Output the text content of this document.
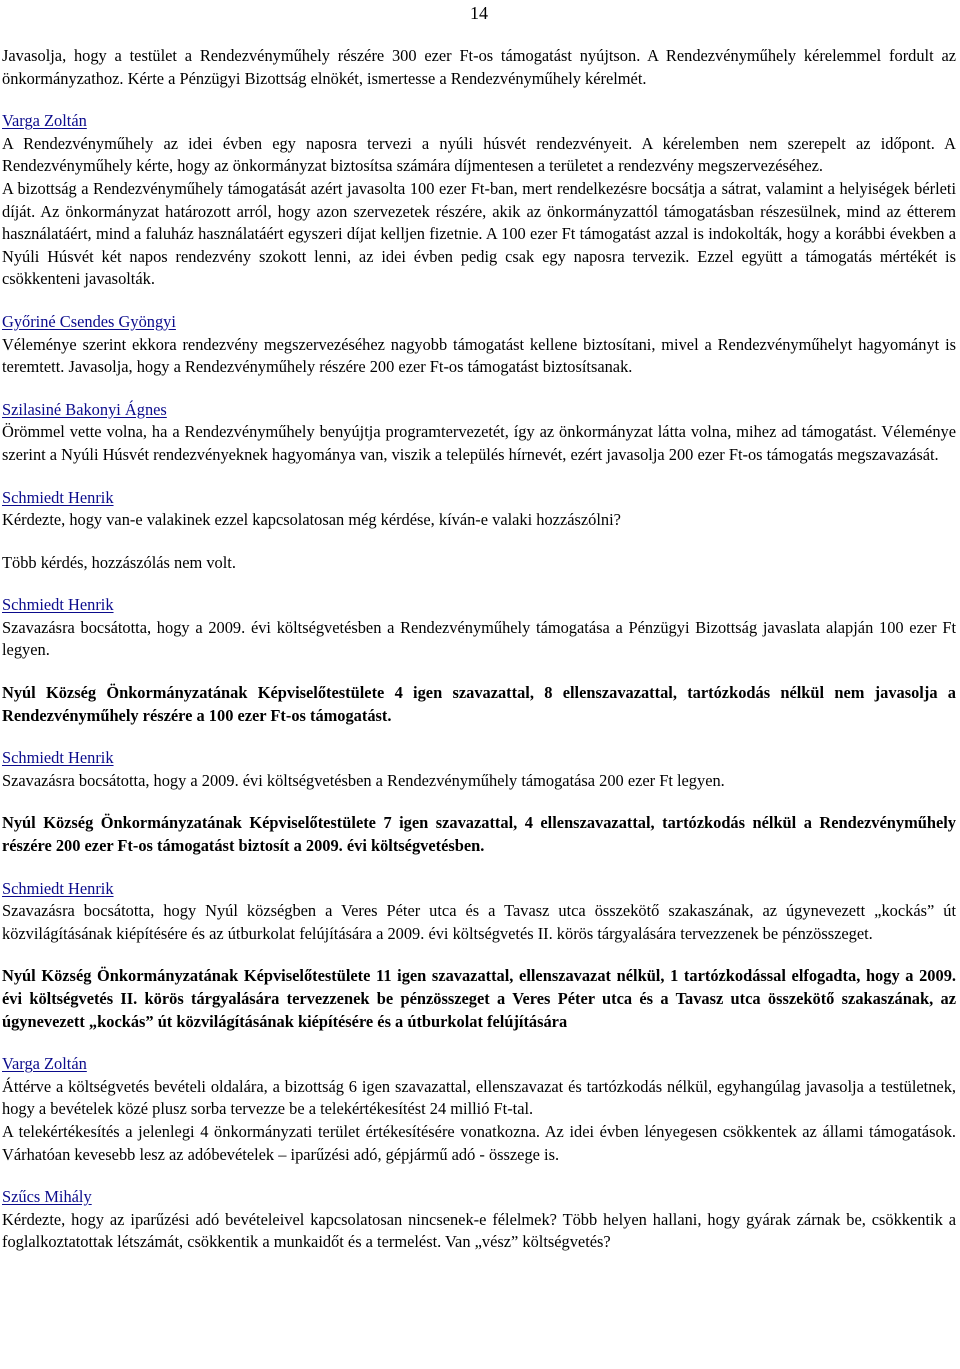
14

Javasolja, hogy a testület a Rendezvényműhely részére 300 ezer Ft-os támogatást nyújtson. A Rendezvényműhely kérelemmel fordult az önkormányzathoz. Kérte a Pénzügyi Bizottság elnökét, ismertesse a Rendezvényműhely kérelmét.

Varga Zoltán

A Rendezvényműhely az idei évben egy naposra tervezi a nyúli húsvét rendezvényeit. A kérelemben nem szerepelt az időpont. A Rendezvényműhely kérte, hogy az önkormányzat biztosítsa számára díjmentesen a területet a rendezvény megszervezéséhez.

A bizottság a Rendezvényműhely támogatását azért javasolta 100 ezer Ft-ban, mert rendelkezésre bocsátja a sátrat, valamint a helyiségek bérleti díját. Az önkormányzat határozott arról, hogy azon szervezetek részére, akik az önkormányzattól támogatásban részesülnek, mind az étterem használatáért, mind a faluház használatáért egyszeri díjat kelljen fizetnie. A 100 ezer Ft támogatást azzal is indokolták, hogy a korábbi években a Nyúli Húsvét két napos rendezvény szokott lenni, az idei évben pedig csak egy naposra tervezik. Ezzel együtt a támogatás mértékét is csökkenteni javasolták.

Győriné Csendes Gyöngyi

Véleménye szerint ekkora rendezvény megszervezéséhez nagyobb támogatást kellene biztosítani, mivel a Rendezvényműhelyt hagyományt is teremtett. Javasolja, hogy a Rendezvényműhely részére 200 ezer Ft-os támogatást biztosítsanak.

Szilasiné Bakonyi Ágnes

Örömmel vette volna, ha a Rendezvényműhely benyújtja programtervezetét, így az önkormányzat látta volna, mihez ad támogatást. Véleménye szerint a Nyúli Húsvét rendezvényeknek hagyománya van, viszik a település hírnevét, ezért javasolja 200 ezer Ft-os támogatás megszavazását.

Schmiedt Henrik

Kérdezte, hogy van-e valakinek ezzel kapcsolatosan még kérdése, kíván-e valaki hozzászólni?

Több kérdés, hozzászólás nem volt.

Schmiedt Henrik

Szavazásra bocsátotta, hogy a 2009. évi költségvetésben a Rendezvényműhely támogatása a Pénzügyi Bizottság javaslata alapján 100 ezer Ft legyen.

Nyúl Község Önkormányzatának Képviselőtestülete 4 igen szavazattal, 8 ellenszavazattal, tartózkodás nélkül nem javasolja a Rendezvényműhely részére a 100 ezer Ft-os támogatást.

Schmiedt Henrik

Szavazásra bocsátotta, hogy a 2009. évi költségvetésben a Rendezvényműhely támogatása 200 ezer Ft legyen.

Nyúl Község Önkormányzatának Képviselőtestülete 7 igen szavazattal, 4 ellenszavazattal, tartózkodás nélkül a Rendezvényműhely részére 200 ezer Ft-os támogatást biztosít a 2009. évi költségvetésben.

Schmiedt Henrik

Szavazásra bocsátotta, hogy Nyúl községben a Veres Péter utca és a Tavasz utca összekötő szakaszának, az úgynevezett „kockás” út közvilágításának kiépítésére és az útburkolat felújítására a 2009. évi költségvetés II. körös tárgyalására tervezzenek be pénzösszeget.

Nyúl Község Önkormányzatának Képviselőtestülete 11 igen szavazattal, ellenszavazat nélkül, 1 tartózkodással elfogadta, hogy a 2009. évi költségvetés II. körös tárgyalására tervezzenek be pénzösszeget a Veres Péter utca és a Tavasz utca összekötő szakaszának, az úgynevezett „kockás” út közvilágításának kiépítésére és a útburkolat felújítására

Varga Zoltán

Áttérve a költségvetés bevételi oldalára, a bizottság 6 igen szavazattal, ellenszavazat és tartózkodás nélkül, egyhangúlag javasolja a testületnek, hogy a bevételek közé plusz sorba tervezze be a telekértékesítést 24 millió Ft-tal.

A telekértékesítés a jelenlegi 4 önkormányzati terület értékesítésére vonatkozna. Az idei évben lényegesen csökkentek az állami támogatások. Várhatóan kevesebb lesz az adóbevételek – iparűzési adó, gépjármű adó - összege is.

Szűcs Mihály

Kérdezte, hogy az iparűzési adó bevételeivel kapcsolatosan nincsenek-e félelmek? Több helyen hallani, hogy gyárak zárnak be, csökkentik a foglalkoztatottak létszámát, csökkentik a munkaidőt és a termelést. Van „vész” költségvetés?
